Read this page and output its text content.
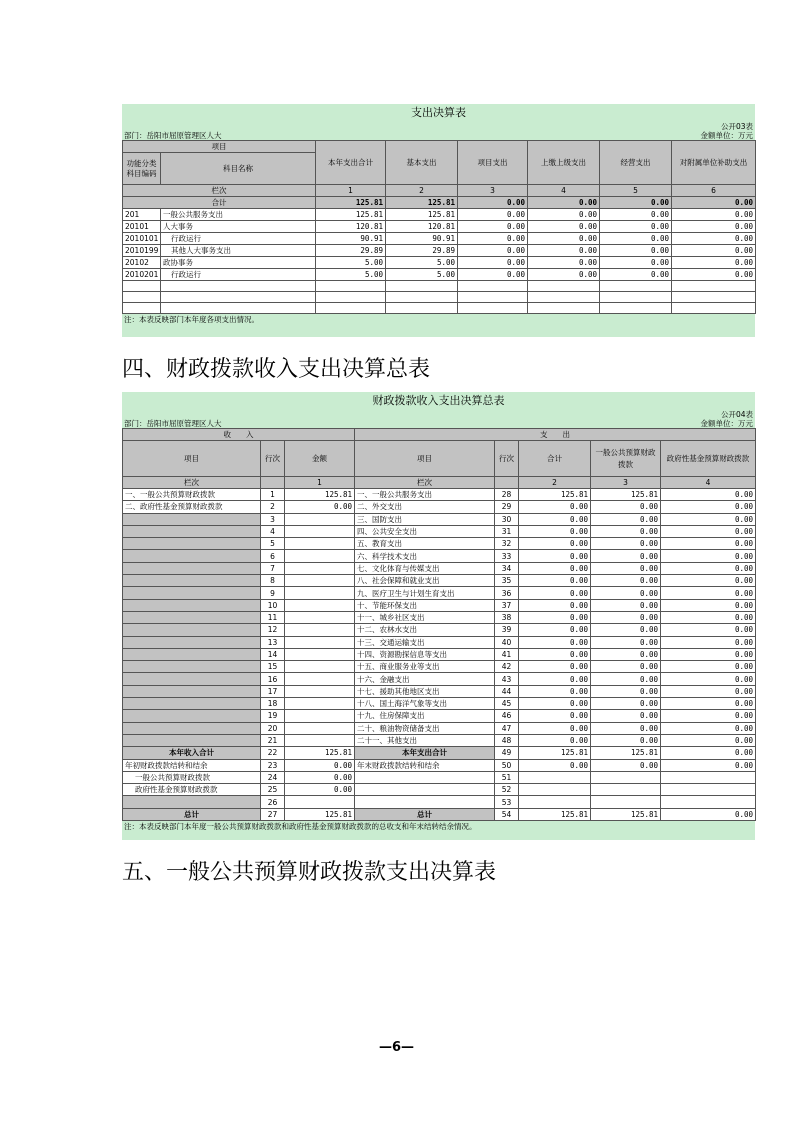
支出决算表
公开03表
部门：岳阳市屈原管理区人大	金额单位：万元
项目		本年支出合计	基本支出	项目支出	上缴上级支出	经营支出	对附属单位补助支出
功能分类科目编码	科目名称						
栏次		1	2	3	4	5	6
合计		125.81	125.81	0.00	0.00	0.00	0.00
201	一般公共服务支出	125.81	125.81	0.00	0.00	0.00	0.00
20101	人大事务	120.81	120.81	0.00	0.00	0.00	0.00
2010101	行政运行	90.91	90.91	0.00	0.00	0.00	0.00
2010199	其他人大事务支出	29.89	29.89	0.00	0.00	0.00	0.00
20102	政协事务	5.00	5.00	0.00	0.00	0.00	0.00
2010201	行政运行	5.00	5.00	0.00	0.00	0.00	0.00

注：本表反映部门本年度各项支出情况。
四、财政拨款收入支出决算总表
财政拨款收入支出决算总表
公开04表
部门：岳阳市屈原管理区人大	金额单位：万元
收　　入			支　　出				
项目	行次	金额	项目	行次	合计	一般公共预算财政拨款	政府性基金预算财政拨款
栏次		1	栏次		2	3	4
一、一般公共预算财政拨款	1	125.81	一、一般公共服务支出	28	125.81	125.81	0.00
二、政府性基金预算财政拨款	2	0.00	二、外交支出	29	0.00	0.00	0.00
	3		三、国防支出	30	0.00	0.00	0.00
	4		四、公共安全支出	31	0.00	0.00	0.00
	5		五、教育支出	32	0.00	0.00	0.00
	6		六、科学技术支出	33	0.00	0.00	0.00
	7		七、文化体育与传媒支出	34	0.00	0.00	0.00
	8		八、社会保障和就业支出	35	0.00	0.00	0.00
	9		九、医疗卫生与计划生育支出	36	0.00	0.00	0.00
	10		十、节能环保支出	37	0.00	0.00	0.00
	11		十一、城乡社区支出	38	0.00	0.00	0.00
	12		十二、农林水支出	39	0.00	0.00	0.00
	13		十三、交通运输支出	40	0.00	0.00	0.00
	14		十四、资源勘探信息等支出	41	0.00	0.00	0.00
	15		十五、商业服务业等支出	42	0.00	0.00	0.00
	16		十六、金融支出	43	0.00	0.00	0.00
	17		十七、援助其他地区支出	44	0.00	0.00	0.00
	18		十八、国土海洋气象等支出	45	0.00	0.00	0.00
	19		十九、住房保障支出	46	0.00	0.00	0.00
	20		二十、粮油物资储备支出	47	0.00	0.00	0.00
	21		二十一、其他支出	48	0.00	0.00	0.00
本年收入合计	22	125.81	本年支出合计	49	125.81	125.81	0.00
年初财政拨款结转和结余	23	0.00	年末财政拨款结转和结余	50	0.00	0.00	0.00
一般公共预算财政拨款	24	0.00		51			
政府性基金预算财政拨款	25	0.00		52			
	26			53			
总计	27	125.81	总计	54	125.81	125.81	0.00
注：本表反映部门本年度一般公共预算财政拨款和政府性基金预算财政拨款的总收支和年末结转结余情况。
五、一般公共预算财政拨款支出决算表
—6—
